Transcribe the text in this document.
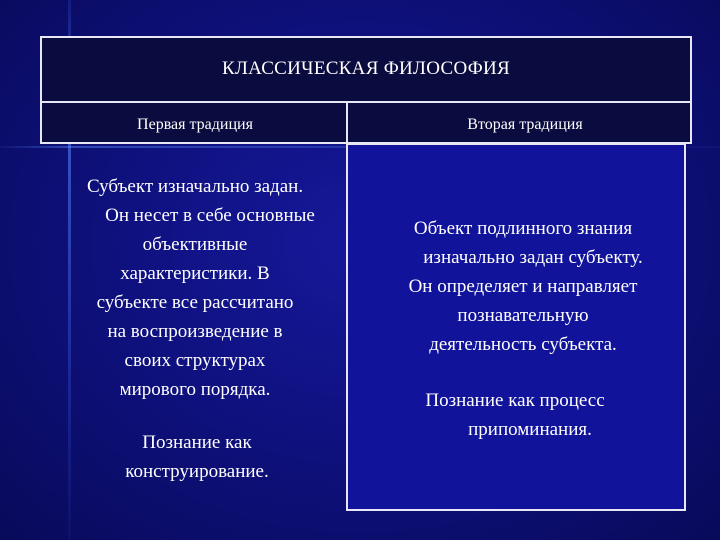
КЛАССИЧЕСКАЯ ФИЛОСОФИЯ
Первая традиция	Вторая традиция
Субъект изначально задан.
Он несет в себе основные
объективные
характеристики. В
субъекте все рассчитано
на воспроизведение в
своих структурах
мирового порядка.
Познание как
конструирование.
Объект подлинного знания
изначально задан субъекту.
Он определяет и направляет
познавательную
деятельность субъекта.
Познание как процесс
припоминания.
